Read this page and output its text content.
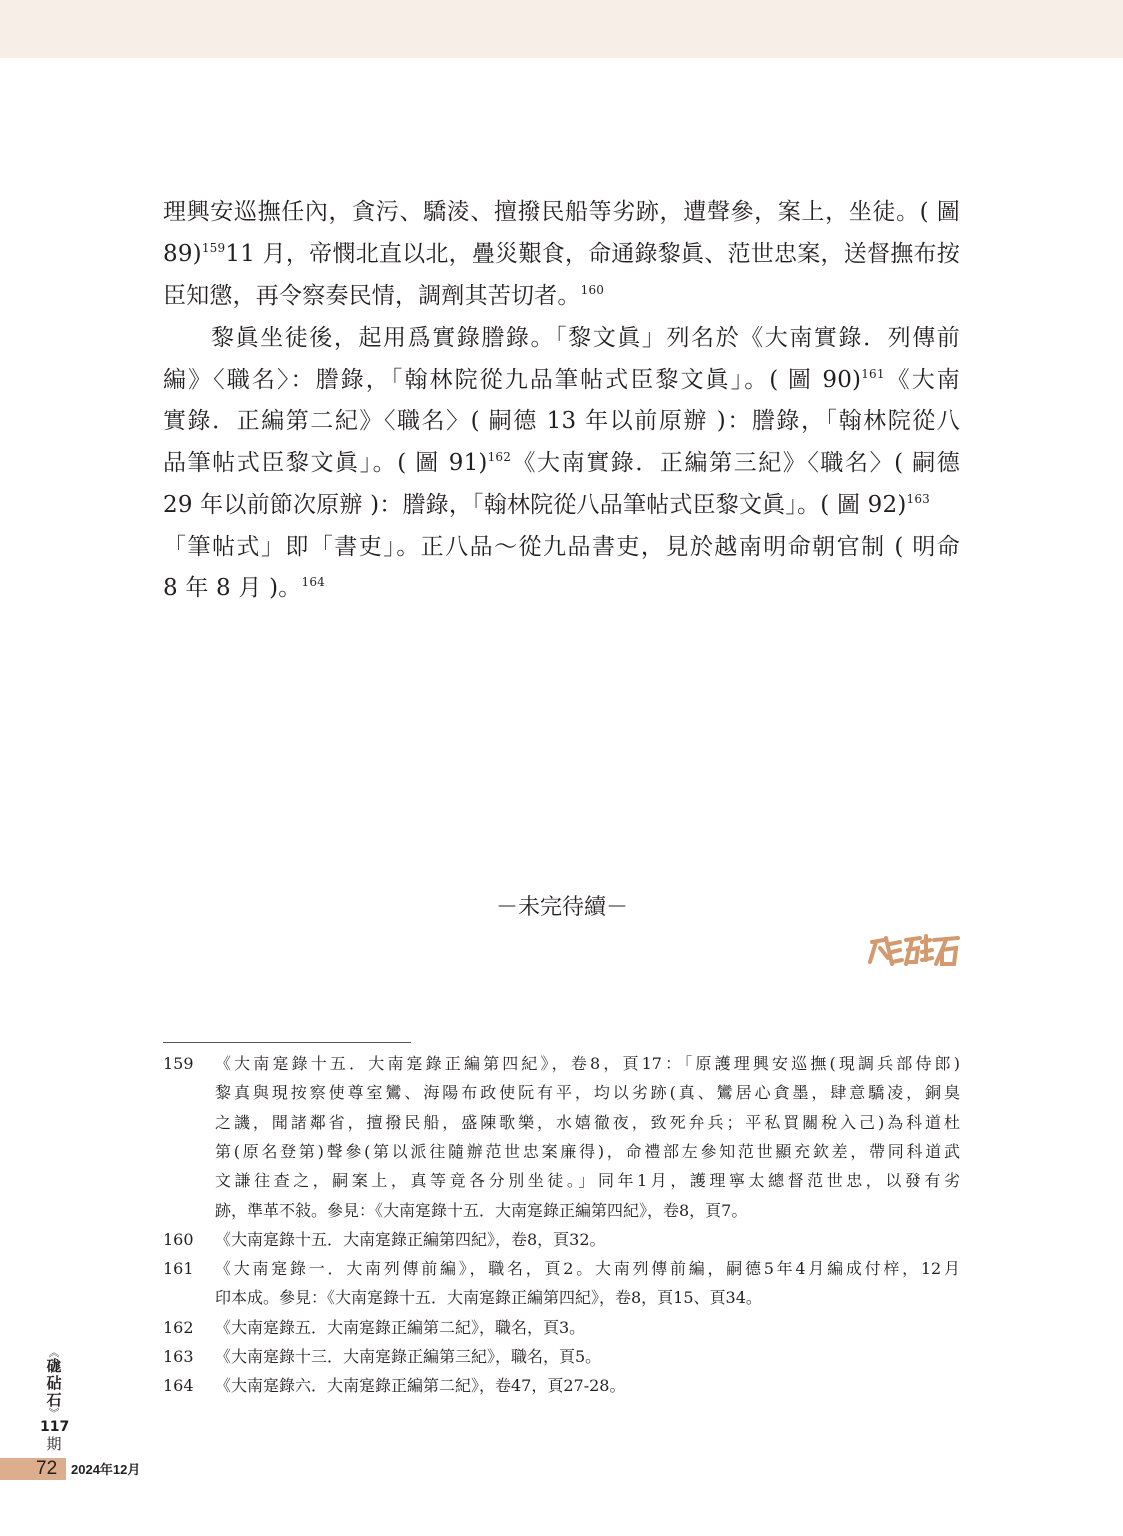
理興安巡撫任內，貪污、驕淩、擅撥民船等劣跡，遭聲參，案上，坐徒。( 圖
89)$^{159}$11 月，帝憫北直以北，疊災艱食，命通錄黎眞、范世忠案，送督撫布按
臣知懲，再令察奏民情，調劑其苦切者。$^{160}$
黎眞坐徒後，起用爲實錄謄錄。「黎文眞」列名於《大南實錄．列傳前
編》〈職名〉：謄錄，「翰林院從九品筆帖式臣黎文眞」。( 圖 90)$^{161}$《大南
實錄．正編第二紀》〈職名〉( 嗣德 13 年以前原辦 )：謄錄，「翰林院從八
品筆帖式臣黎文眞」。( 圖 91)$^{162}$《大南實錄．正編第三紀》〈職名〉( 嗣德
29 年以前節次原辦 )：謄錄，「翰林院從八品筆帖式臣黎文眞」。( 圖 92)$^{163}$
「筆帖式」即「書吏」。正八品～從九品書吏，見於越南明命朝官制 ( 明命
8 年 8 月 )。$^{164}$
－未完待續－
159 《大南寔錄十五．大南寔錄正編第四紀》，卷8，頁17：「原護理興安巡撫(現調兵部侍郎)
黎真與現按察使尊室鸞、海陽布政使阮有平，均以劣跡(真、鸞居心貪墨，肆意驕凌，銅臭
之譏，聞諸鄰省，擅撥民船，盛陳歌樂，水嬉徹夜，致死弁兵；平私買關稅入己)為科道杜
第(原名登第)聲參(第以派往隨辦范世忠案廉得)，命禮部左參知范世顯充欽差，帶同科道武
文謙往查之，嗣案上，真等竟各分別坐徒。」同年1月，護理寧太總督范世忠，以發有劣
跡，準革不敍。參見：《大南寔錄十五．大南寔錄正編第四紀》，卷8，頁7。
160 《大南寔錄十五．大南寔錄正編第四紀》，卷8，頁32。
161 《大南寔錄一．大南列傳前編》，職名，頁2。大南列傳前編，嗣德5年4月編成付梓，12月
印本成。參見：《大南寔錄十五．大南寔錄正編第四紀》，卷8，頁15、頁34。
162 《大南寔錄五．大南寔錄正編第二紀》，職名，頁3。
163 《大南寔錄十三．大南寔錄正編第三紀》，職名，頁5。
164 《大南寔錄六．大南寔錄正編第二紀》，卷47，頁27-28。
︽
硥
砧
石
︾
117
期
72 2024年12月
